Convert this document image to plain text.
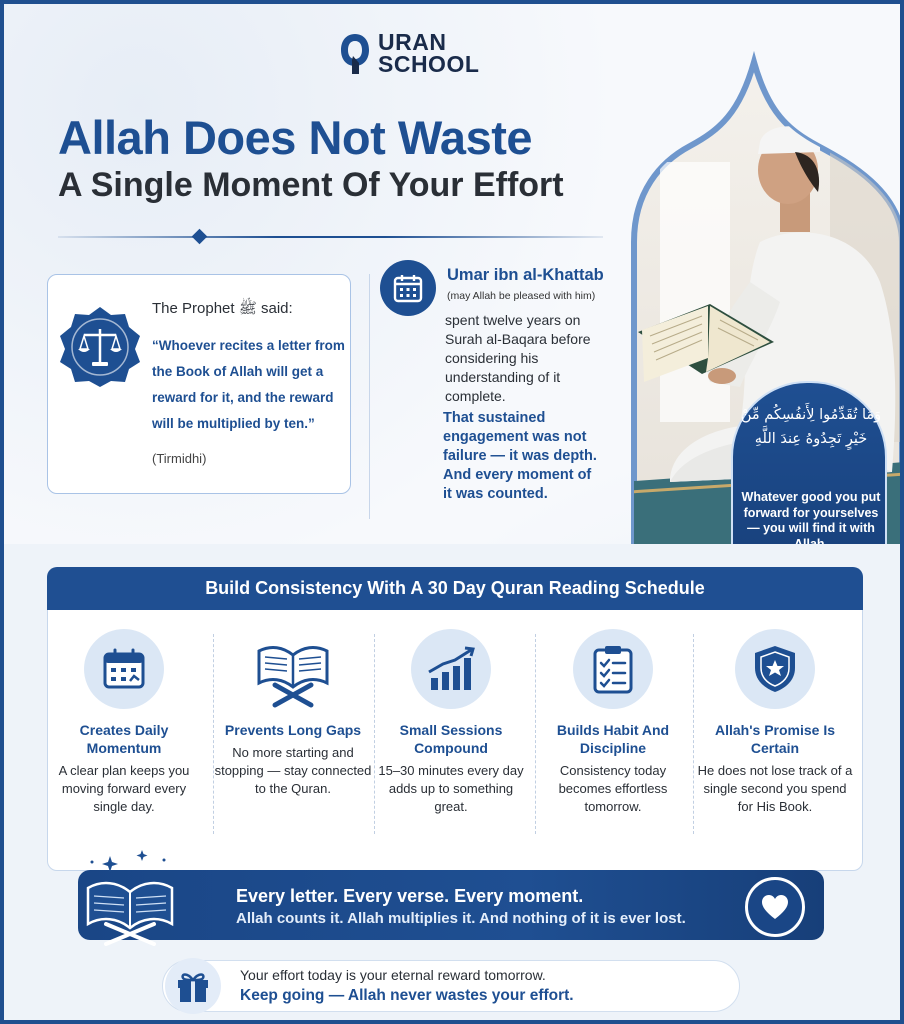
URAN
SCHOOL
Allah Does Not Waste
A Single Moment Of Your Effort
The Prophet ﷺ said:
“Whoever recites a letter from the Book of Allah will get a reward for it, and the reward will be multiplied by ten.”
(Tirmidhi)
Umar ibn al-Khattab
(may Allah be pleased with him)
spent twelve years on Surah al-Baqara before considering his understanding of it complete.
That sustained engagement was not failure — it was depth. And every moment of it was counted.
وَمَا تُقَدِّمُوا لِأَنفُسِكُم مِّنْ خَيْرٍ تَجِدُوهُ عِندَ اللَّهِ
Whatever good you put forward for yourselves — you will find it with
Build Consistency With A 30 Day Quran Reading Schedule
Creates Daily Momentum
A clear plan keeps you moving forward every single day.
Prevents Long Gaps
No more starting and stopping — stay connected to the Quran.
Small Sessions Compound
15–30 minutes every day adds up to something great.
Builds Habit And Discipline
Consistency today becomes effortless tomorrow.
Allah's Promise Is Certain
He does not lose track of a single second you spend for His Book.
Every letter. Every verse. Every moment.
Allah counts it. Allah multiplies it. And nothing of it is ever lost.
Your effort today is your eternal reward tomorrow.
Keep going — Allah never wastes your effort.
